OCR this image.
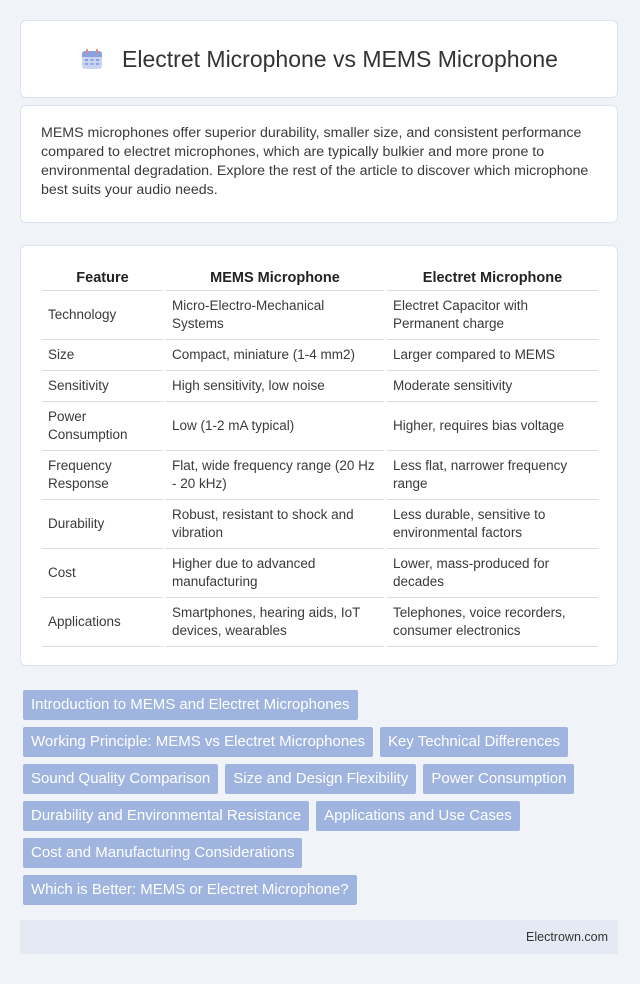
Electret Microphone vs MEMS Microphone

MEMS microphones offer superior durability, smaller size, and consistent performance compared to electret microphones, which are typically bulkier and more prone to environmental degradation. Explore the rest of the article to discover which microphone best suits your audio needs.

Feature	MEMS Microphone	Electret Microphone
Technology	Micro-Electro-Mechanical Systems	Electret Capacitor with Permanent charge
Size	Compact, miniature (1-4 mm2)	Larger compared to MEMS
Sensitivity	High sensitivity, low noise	Moderate sensitivity
Power Consumption	Low (1-2 mA typical)	Higher, requires bias voltage
Frequency Response	Flat, wide frequency range (20 Hz - 20 kHz)	Less flat, narrower frequency range
Durability	Robust, resistant to shock and vibration	Less durable, sensitive to environmental factors
Cost	Higher due to advanced manufacturing	Lower, mass-produced for decades
Applications	Smartphones, hearing aids, IoT devices, wearables	Telephones, voice recorders, consumer electronics
Introduction to MEMS and Electret Microphones
Working Principle: MEMS vs Electret Microphones	Key Technical Differences
Sound Quality Comparison	Size and Design Flexibility	Power Consumption
Durability and Environmental Resistance	Applications and Use Cases
Cost and Manufacturing Considerations
Which is Better: MEMS or Electret Microphone?
Electrown.com
